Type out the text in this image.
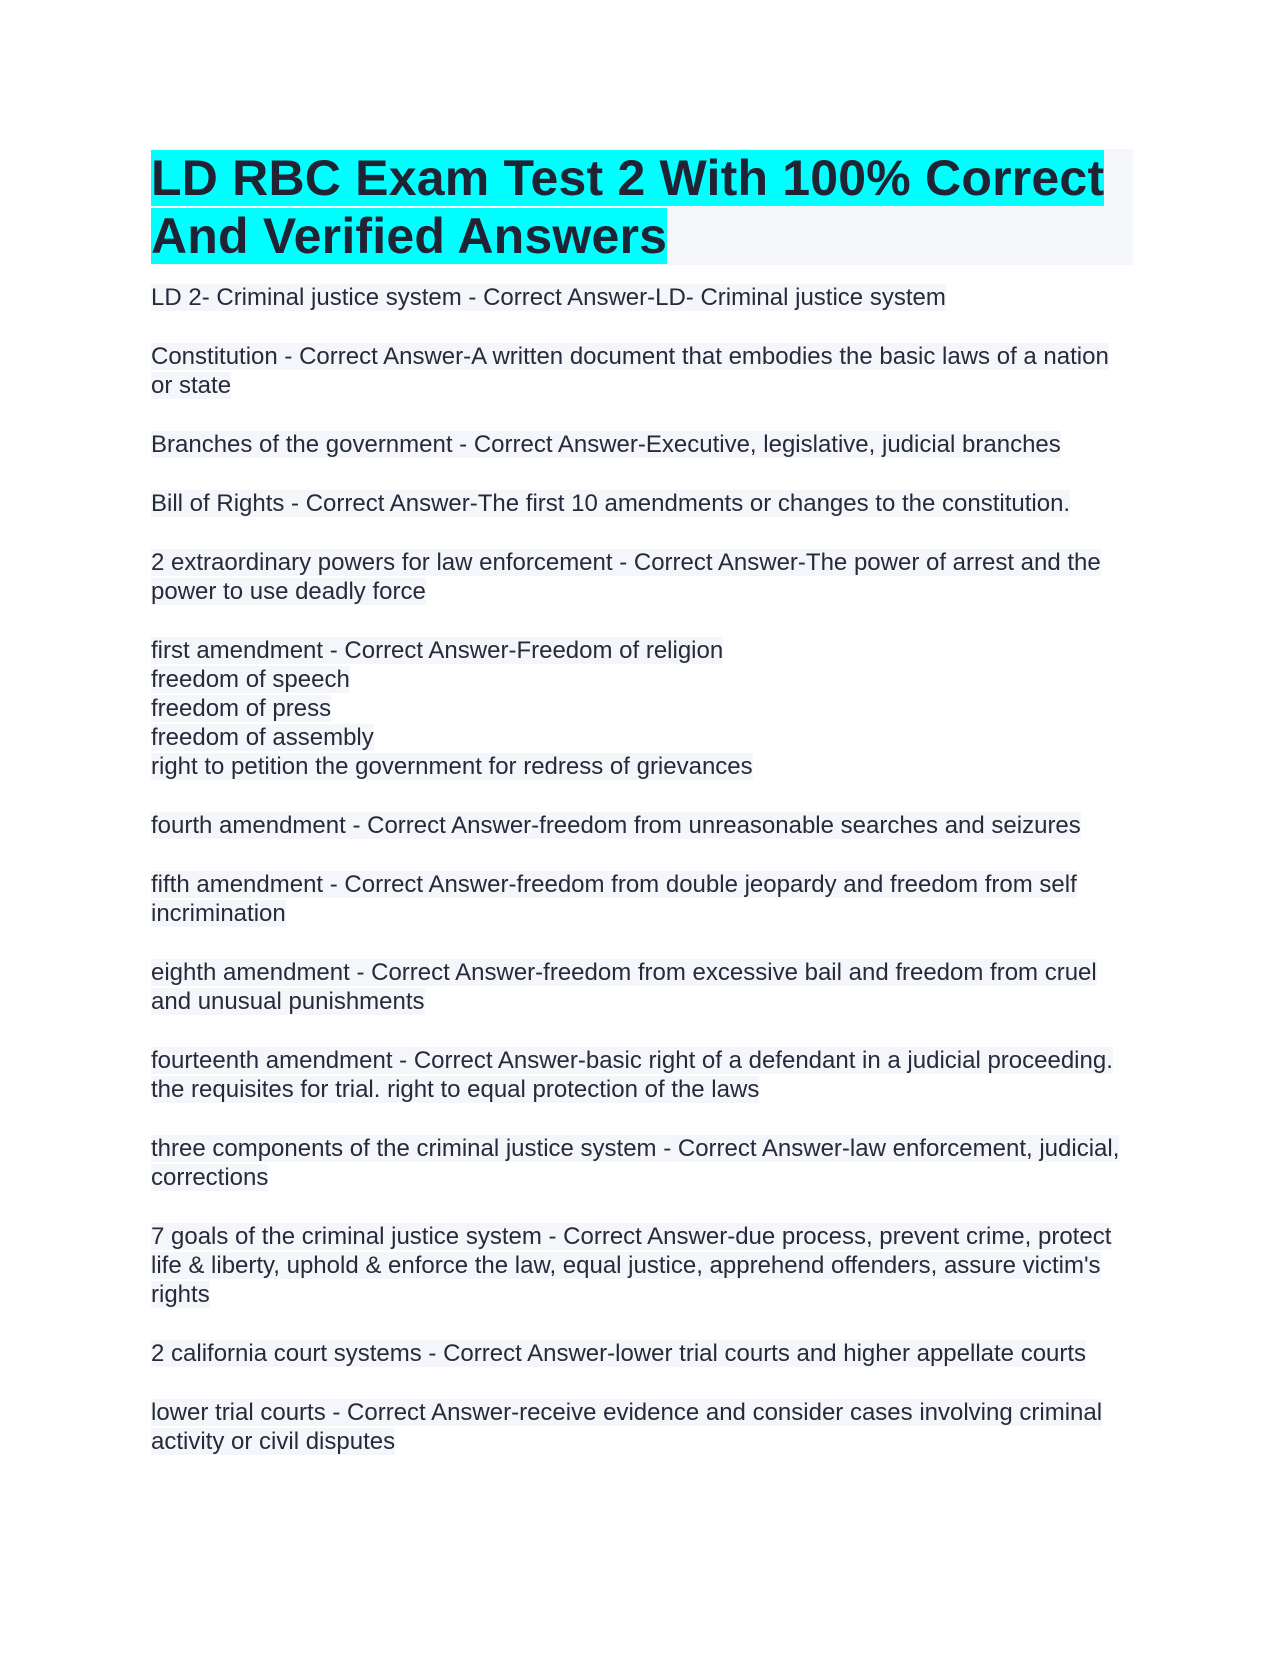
LD RBC Exam Test 2 With 100% Correct And Verified Answers

LD 2- Criminal justice system - Correct Answer-LD- Criminal justice system

Constitution - Correct Answer-A written document that embodies the basic laws of a nation or state

Branches of the government - Correct Answer-Executive, legislative, judicial branches

Bill of Rights - Correct Answer-The first 10 amendments or changes to the constitution.

2 extraordinary powers for law enforcement - Correct Answer-The power of arrest and the power to use deadly force

first amendment - Correct Answer-Freedom of religion
freedom of speech
freedom of press
freedom of assembly
right to petition the government for redress of grievances

fourth amendment - Correct Answer-freedom from unreasonable searches and seizures

fifth amendment - Correct Answer-freedom from double jeopardy and freedom from self incrimination

eighth amendment - Correct Answer-freedom from excessive bail and freedom from cruel and unusual punishments

fourteenth amendment - Correct Answer-basic right of a defendant in a judicial proceeding. the requisites for trial. right to equal protection of the laws

three components of the criminal justice system - Correct Answer-law enforcement, judicial, corrections

7 goals of the criminal justice system - Correct Answer-due process, prevent crime, protect life & liberty, uphold & enforce the law, equal justice, apprehend offenders, assure victim's rights

2 california court systems - Correct Answer-lower trial courts and higher appellate courts

lower trial courts - Correct Answer-receive evidence and consider cases involving criminal activity or civil disputes
